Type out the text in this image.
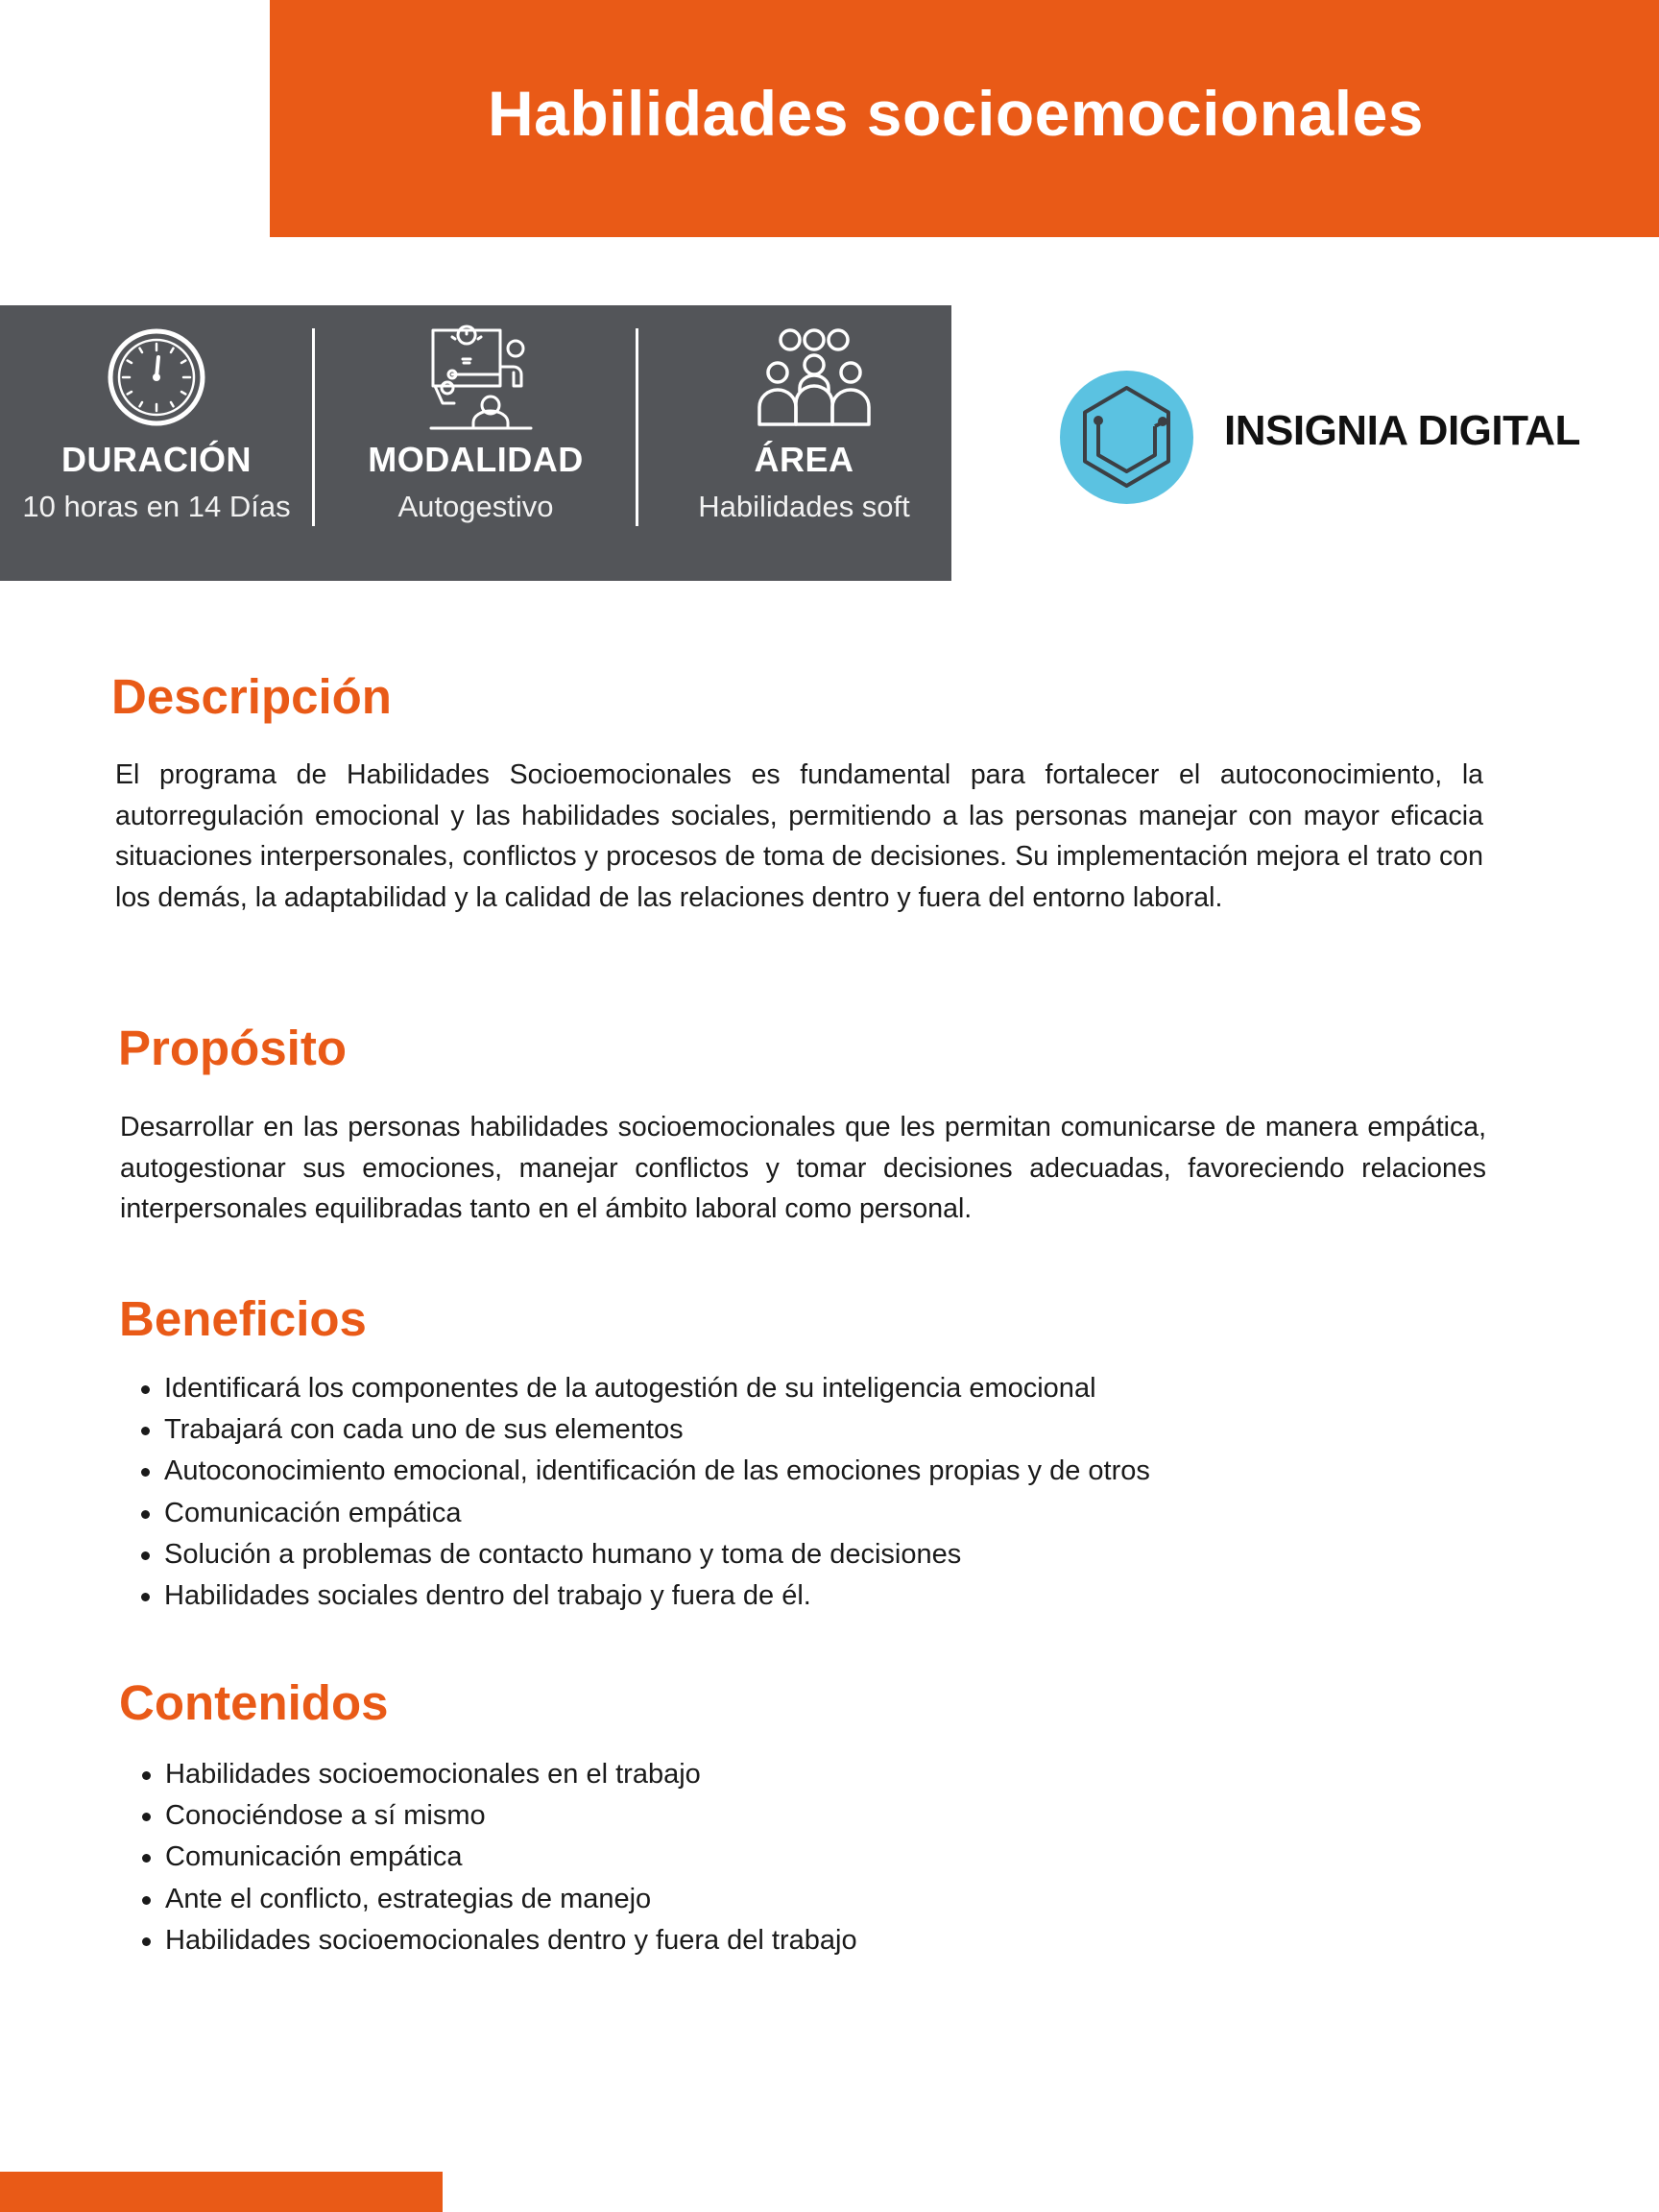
Habilidades socioemocionales
DURACIÓN
10 horas en 14 Días
MODALIDAD
Autogestivo
ÁREA
Habilidades soft
INSIGNIA DIGITAL
Descripción

El programa de Habilidades Socioemocionales es fundamental para fortalecer el autoconocimiento, la autorregulación emocional y las habilidades sociales, permitiendo a las personas manejar con mayor eficacia situaciones interpersonales, conflictos y procesos de toma de decisiones. Su implementación mejora el trato con los demás, la adaptabilidad y la calidad de las relaciones dentro y fuera del entorno laboral.

Propósito

Desarrollar en las personas habilidades socioemocionales que les permitan comunicarse de manera empática, autogestionar sus emociones, manejar conflictos y tomar decisiones adecuadas, favoreciendo relaciones interpersonales equilibradas tanto en el ámbito laboral como personal.

Beneficios
Identificará los componentes de la autogestión de su inteligencia emocional
Trabajará con cada uno de sus elementos
Autoconocimiento emocional, identificación de las emociones propias y de otros
Comunicación empática
Solución a problemas de contacto humano y toma de decisiones
Habilidades sociales dentro del trabajo y fuera de él.
Contenidos
Habilidades socioemocionales en el trabajo
Conociéndose a sí mismo
Comunicación empática
Ante el conflicto, estrategias de manejo
Habilidades socioemocionales dentro y fuera del trabajo
